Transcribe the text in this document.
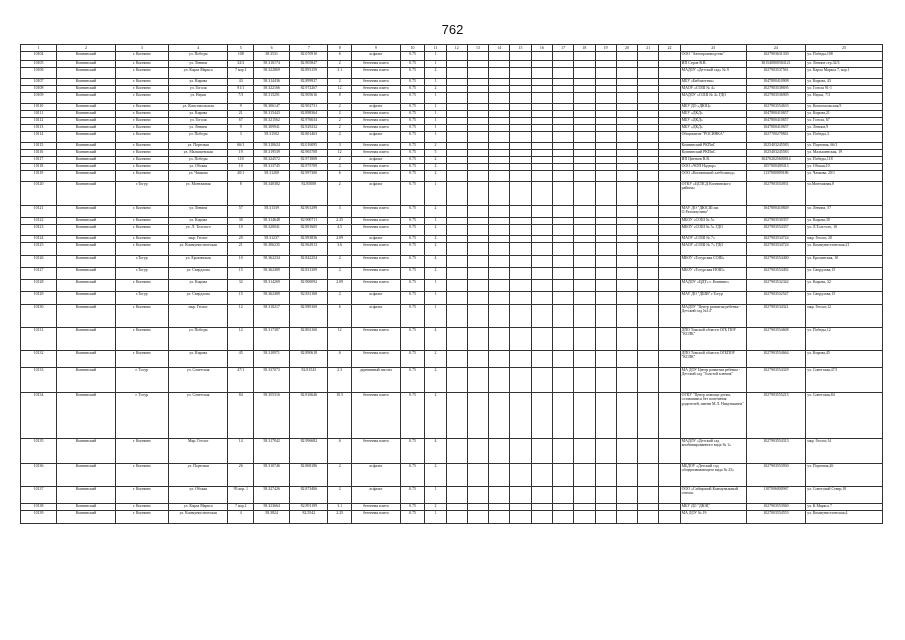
762
1	2	3	4	5	6	7	8	9	10	11	12	13	14	15	16	17	18	19	20	21	22	23	24	25
10104	Копнинский	г. Копнино	ул. Победы	108	38.3531	82.070910	6	асфальт	0.75	1												ООО "Автопроизводство"	1027903631330	ул. Победы,108
10105	Копнинский	г. Копнино	ул. Ленина	32/3	58.310174	82.905847	2	бетонная плита	0.75	1												ИП Серов В.В.	301540800584121	ул. Ленина стр.32/3
10106	Копнинский	г. Копнино	ул. Карла Маркса	7 кор.1	58.322869	82.893159	3.1	бетонная плита	0.75	2												МАДОУ «Детский сад» № 9	1027903537561	ул. Карла Маркса 7, кор.1
10107	Копнинский	г. Копнино	ул. Кирова	43	58.314436	82.899937	2	бетонная плита	0.75	1												МБУ «Библиотека»	1047800410908	ул. Кирова, 43
10108	Копнинский	г. Копнино	ул. Гоголя	91/1	58.322166	82.972267	12	бетонная плита	0.75	2												МАОУ «СОШ № 4»	1027903538695	ул. Гоголя 91-1
10109	Копнинский	г. Копнино	ул. Науки	7/3	58.315291	82.905616	8	бетонная плита	0.75	1												МАДОУ «СОШ № 4» ГДО	1027903536905	ул. Науки, 7/3
10110	Копнинский	г. Копнино	ул. Комсомольская	9	58.306147	82.902731	2	асфальт	0.75	1												МБУ ДО «ДЮЦ»	1027903554633	ул. Комсомольская,9
10111	Копнинский	г. Копнино	ул. Кирова	21	58.315443	82.898364	2	бетонная плита	0.75	1												МБУ «ДКД»	1047800410657	ул. Кирова,21
10112	Копнинский	г. Копнино	ул. Гоголя	67	58.321562	82.976634	2	бетонная плита	0.75	1												МБУ «ДКД»	1047800410657	ул. Гоголя, 67
10113	Копнинский	г. Копнино	ул. Ленина	9	58.309941	82.929232	2	бетонная плита	0.75	1												МБУ «ДКД»	1047800410657	ул. Ленина,9
10114	Копнинский	г. Копнино	ул. Победы	3	58.31502	82.801463	2	асфальт	0.75	1												Общежитие "РОСИНКА"	1027700279841	ул. Победы,3
10115	Копнинский	г. Копнино	ул. Портовая	66/1	58.310624	82.016095	3	бетонная плита	0.75	2												Копнинский РКПиС	1025403245583	ул. Портовая, 66/1
10116	Копнинский	г. Копнино	ул. Малышевская	19	58.319539	82.965708	12	бетонная плита	0.75	5												Копнинский РКПиС	1025403245583	ул. Малышевская, 19
10117	Копнинский	г. Копнино	ул. Победы	118	58.324572	82.971808	2	асфальт	0.75	2												ИП Цветков В.В.	304702025600014	ул. Победы,118
10118	Копнинский	г. Копнино	ул. Обская	10	58.313745	82.975709	2	бетонная плита	0.75	2												ООО «ЧОП Надзор»	1057000409413	ул. Обская,10
10119	Копнинский	г. Копнино	ул. Чачкова	20/1	58.31200	82.997300	6	бетонная плита	0.75	2												ООО «Копнинский хлебозавод»	1137000009186	ул. Чачкова, 20/1
10120	Копнинский	г.Тогур	ул. Монтажная	8	58.340382	82.85008	2	асфальт	0.75	1												ОГКУ «ЦСПСД Копнинского района»	1027903554931	ул.Монтажная,8
10121	Копнинский	г. Копнино	ул. Ленина	57	58.31339	82.901299	3	бетонная плита	0.75	2												МАУ ДО "ДЮСШ им. О.Рахматулина"	1047800410849	ул. Ленина, 57
10122	Копнинский	г. Копнино	ул. Кирова	30	58.314648	82.900711	2.25	бетонная плита	0.75	1												МБОУ «СОШ № 5»	1027903530357	ул. Кирова,30
10123	Копнинский	г. Копнино	ул. Л. Толстого	10	58.320041	82.891605	4.5	бетонная плита	0.75	2												МБОУ «СОШ № 5» ГДО	1027903554357	ул. Л.Толстого, 10
10124	Копнинский	г. Копнино	мкр. Геолог	20	58.31237	82.993836	2.09	асфальт	0.75	2												МАОУ «СОШ № 7»	1027903534724	мкр. Геолог, 20
10125	Копнинский	г. Копнино	ул. Коммунистическая	21	58.306235	82.962913	3.6	бетонная плита	0.75	2												МАОУ «СОШ № 7» ГДО	1027903534724	ул. Коммунистическая,21
10126	Копнинский	г.Тогур	ул. Ерохинская	10	58.362234	82.842254	2	бетонная плита	0.75	4												МБОУ «Тогурская СОШ»	1027903554400	ул. Ерохинская, 10
10127	Копнинский	г.Тогур	ул. Свердлова	15	58.362489	82.831309	2	бетонная плита	0.75	2												МБОУ «Тогурская НОШ»	1027903554492	ул. Свердлова,15
10128	Копнинский	г. Копнино	ул. Кирова	32	58.314269	82.900092	2.09	бетонная плита	0.75	1												МАДОУ «ЦДТ» г. Копнино»	1027903532342	ул. Кирова, 32
10129	Копнинский	г.Тогур	ул. Свердлова	15	58.362489	82.831168	2	асфальт	0.75	1												МАУ ДО "ДШИ" г.Тогур	1027903532547	ул. Свердлова,15
10130	Копнинский	г. Копнино	мкр. Геолог	12	58.310217	82.989169	6	асфальт	0.75	1												МАДОУ "Центр развития ребенка - Детский сад №14"	1027903534321	мкр. Геолог,12
10131	Копнинский	г. Копнино	ул. Победы	12	58.317387	82.802160	12	бетонная плита	0.75	4												ДПО Томской области ОГБ ПОУ "КСПК"	1027903554608	ул. Победы,12
10132	Копнинский	г. Копнино	ул. Кирова	45	58.310971	82.890618	6	бетонная плита	0.75	2												ДПО Томской области ОГБПОУ "КСПК"	1027903554664	ул. Кирова,45
10133	Копнинский	г. Тогур	ул. Советская	47/1	58.337073	82.81543	2.3	деревянный настил	0.75	2												МА ДОУ Центр развития ребенка - Детский сад "Золотой ключик"	1027903554329	ул. Советская,47/1
10134	Копнинский	г. Тогур	ул. Советская	84	58.355316	82.816646	10.5	бетонная плита	0.75	2												ОГКУ "Центр помощи детям, оставшимся без попечения родителей, имени М.Л. Никульшина"	1027903555215	ул. Советская,84
10135	Копнинский	г. Копнино	Мкр. Геолог	14	58.317042	82.996682	6	бетонная плита	0.75	4												МАДОУ «Детский сад комбинированного вида № 1»	1027903554313	мкр. Геолог,14
10136	Копнинский	г. Копнино	ул. Портовая	26	58.310746	82.868186	2	асфальт	0.75	2												МБДОУ «Детский сад общеразвивающего вида № 25»	1027903553930	ул. Портовая,26
10137	Копнинский	г. Копнино	ул. Обская	95 кор. 1	58.327426	82.873406	2	асфальт	0.75	1												ООО «Сибирский Коммунальный оптом»	1107006000967	ул. Советский Север,18
10138	Копнинский	г. Копнино	ул. Карла Маркса	7 кор.2	58.323664	82.891199	3.1	бетонная плита	0.75	2												МБУ ДО "ДЮЦ"	1027903553940	ул. К.Маркса 7
10139	Копнинский	г. Копнино	ул. Коммунистическая	4	58.3824	82.5542	2.25	бетонная плита	0.75	1												МА ДОУ № 19	1027003554553	ул. Коммунистическая,4
